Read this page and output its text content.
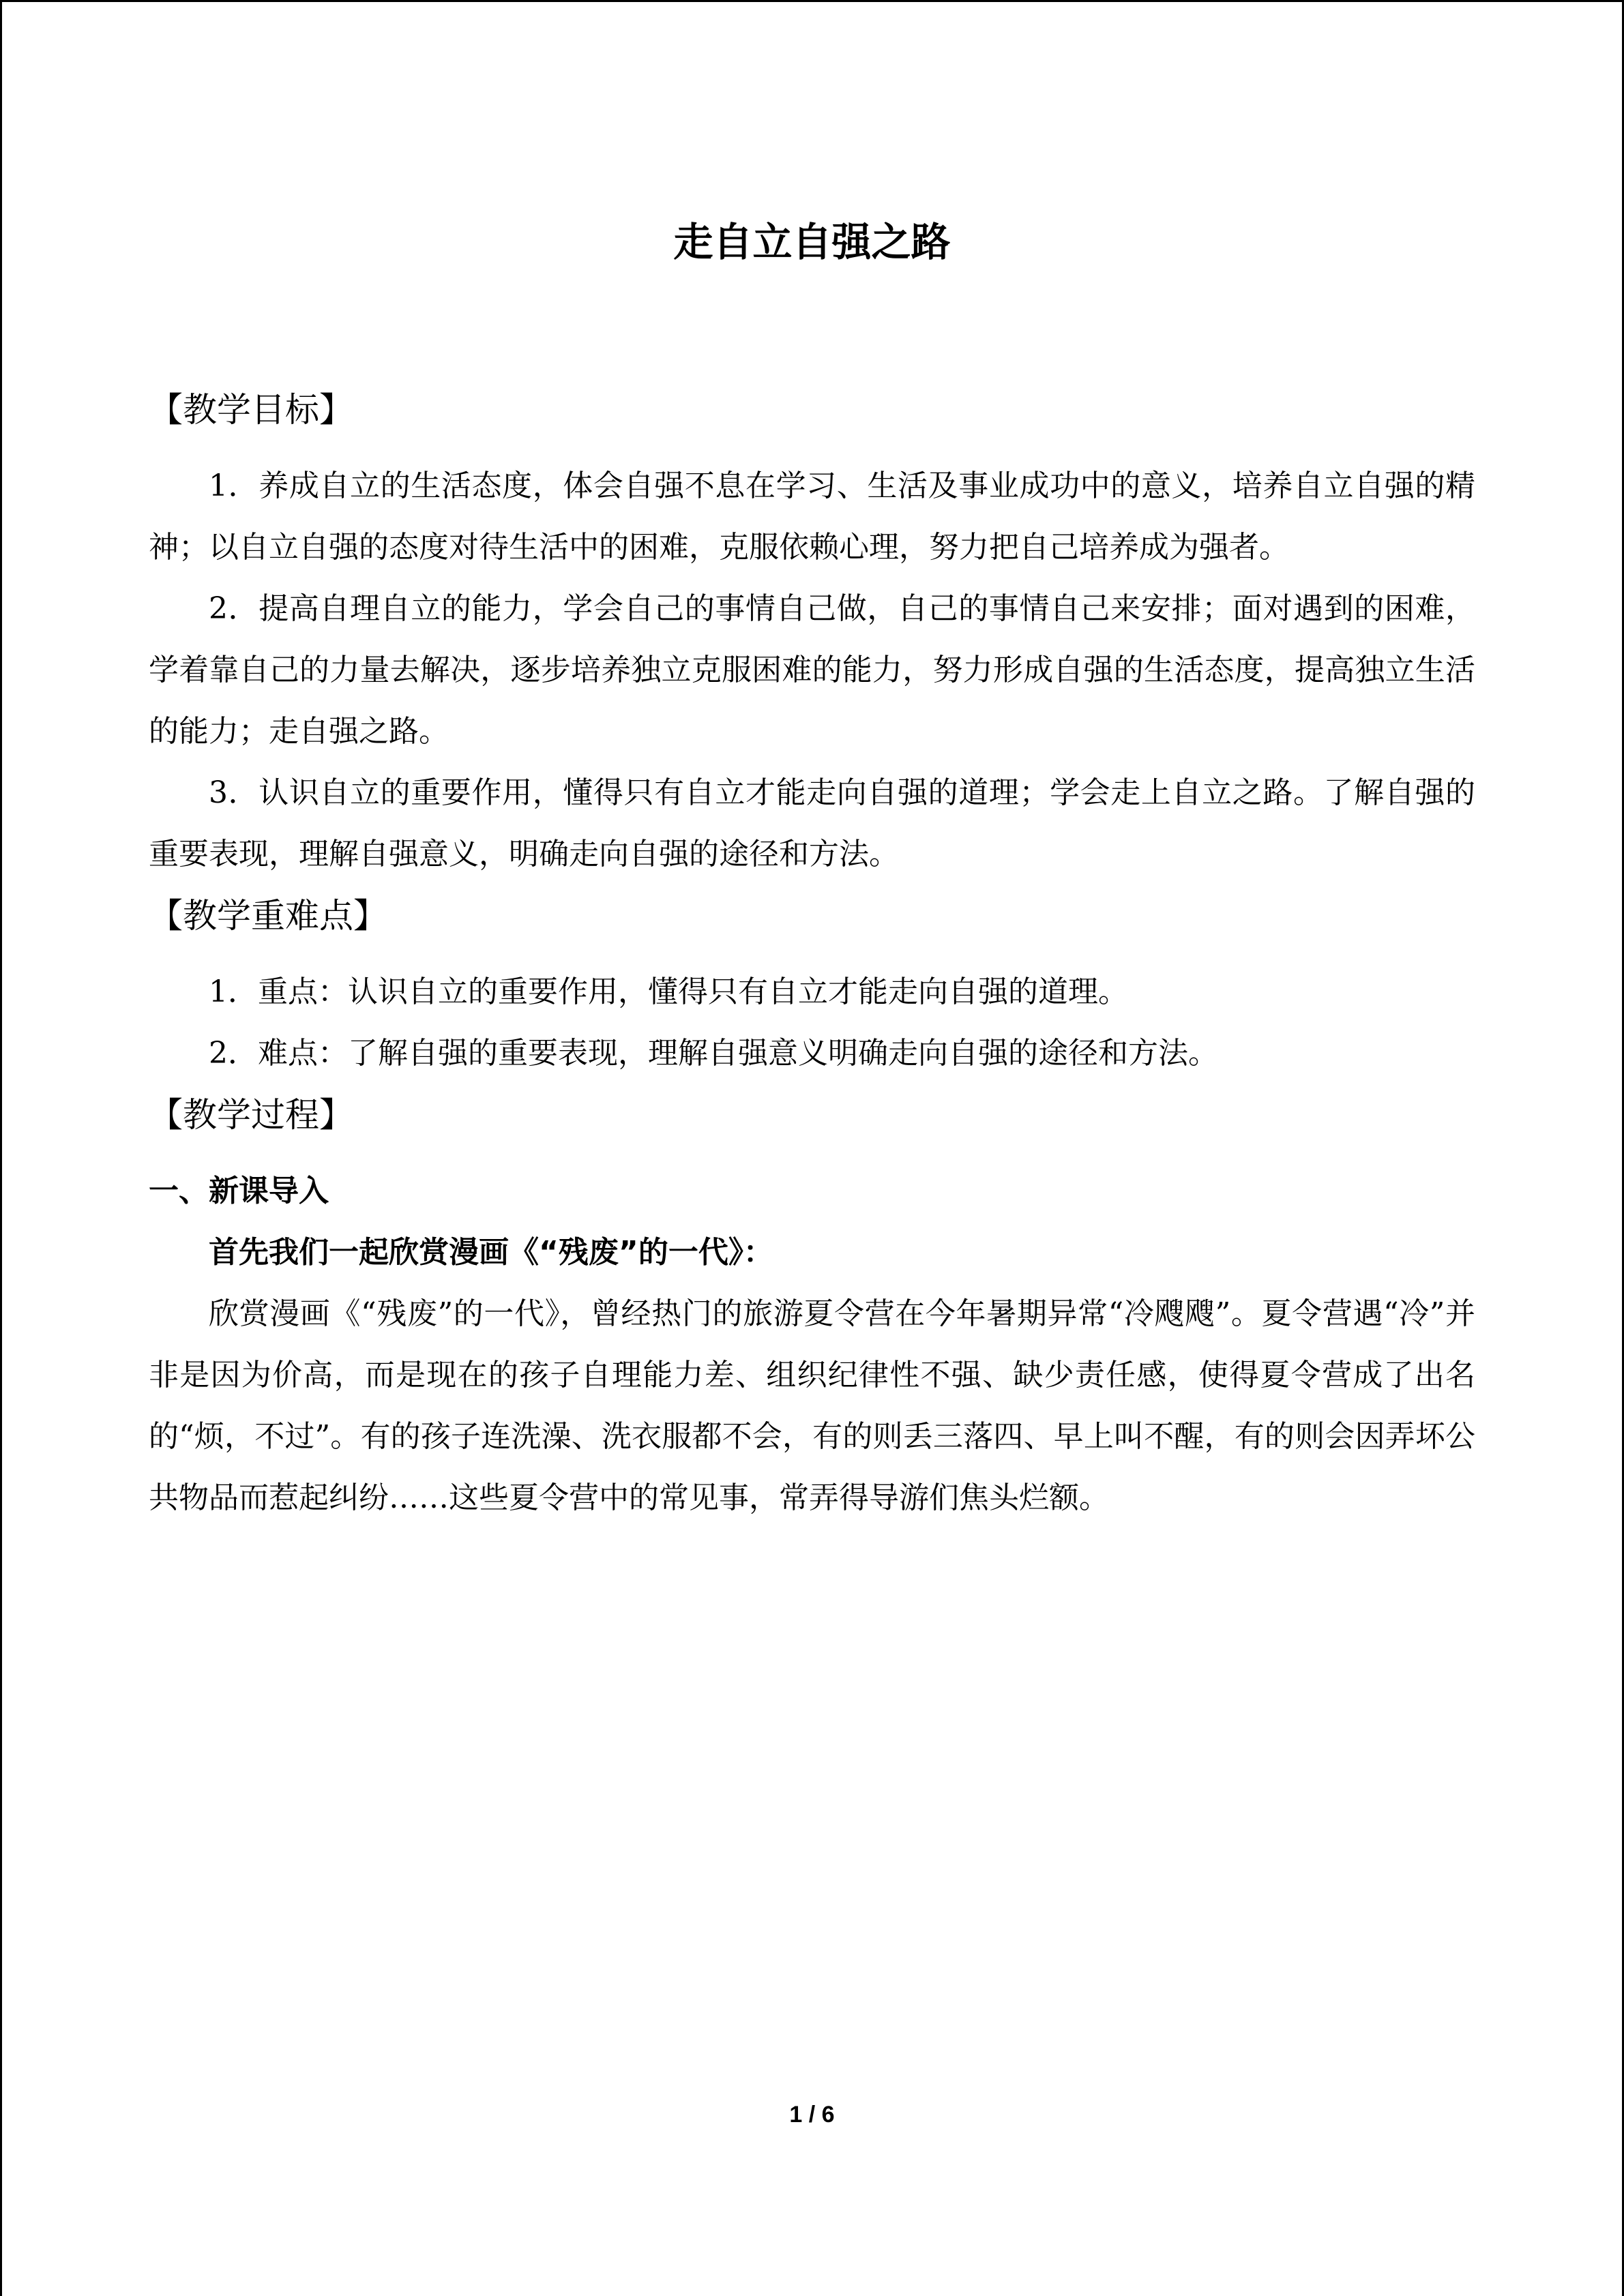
走自立自强之路

【教学目标】

1．养成自立的生活态度，体会自强不息在学习、生活及事业成功中的意义，培养自立自强的精神；以自立自强的态度对待生活中的困难，克服依赖心理，努力把自己培养成为强者。

2．提高自理自立的能力，学会自己的事情自己做，自己的事情自己来安排；面对遇到的困难，学着靠自己的力量去解决，逐步培养独立克服困难的能力，努力形成自强的生活态度，提高独立生活的能力；走自强之路。

3．认识自立的重要作用，懂得只有自立才能走向自强的道理；学会走上自立之路。了解自强的重要表现，理解自强意义，明确走向自强的途径和方法。

【教学重难点】

1．重点：认识自立的重要作用，懂得只有自立才能走向自强的道理。

2．难点：了解自强的重要表现，理解自强意义明确走向自强的途径和方法。

【教学过程】

一、新课导入

首先我们一起欣赏漫画《“残废”的一代》：

欣赏漫画《“残废”的一代》，曾经热门的旅游夏令营在今年暑期异常“冷飕飕”。夏令营遇“冷”并非是因为价高，而是现在的孩子自理能力差、组织纪律性不强、缺少责任感，使得夏令营成了出名的“烦，不过”。有的孩子连洗澡、洗衣服都不会，有的则丢三落四、早上叫不醒，有的则会因弄坏公共物品而惹起纠纷……这些夏令营中的常见事，常弄得导游们焦头烂额。

1 / 6
